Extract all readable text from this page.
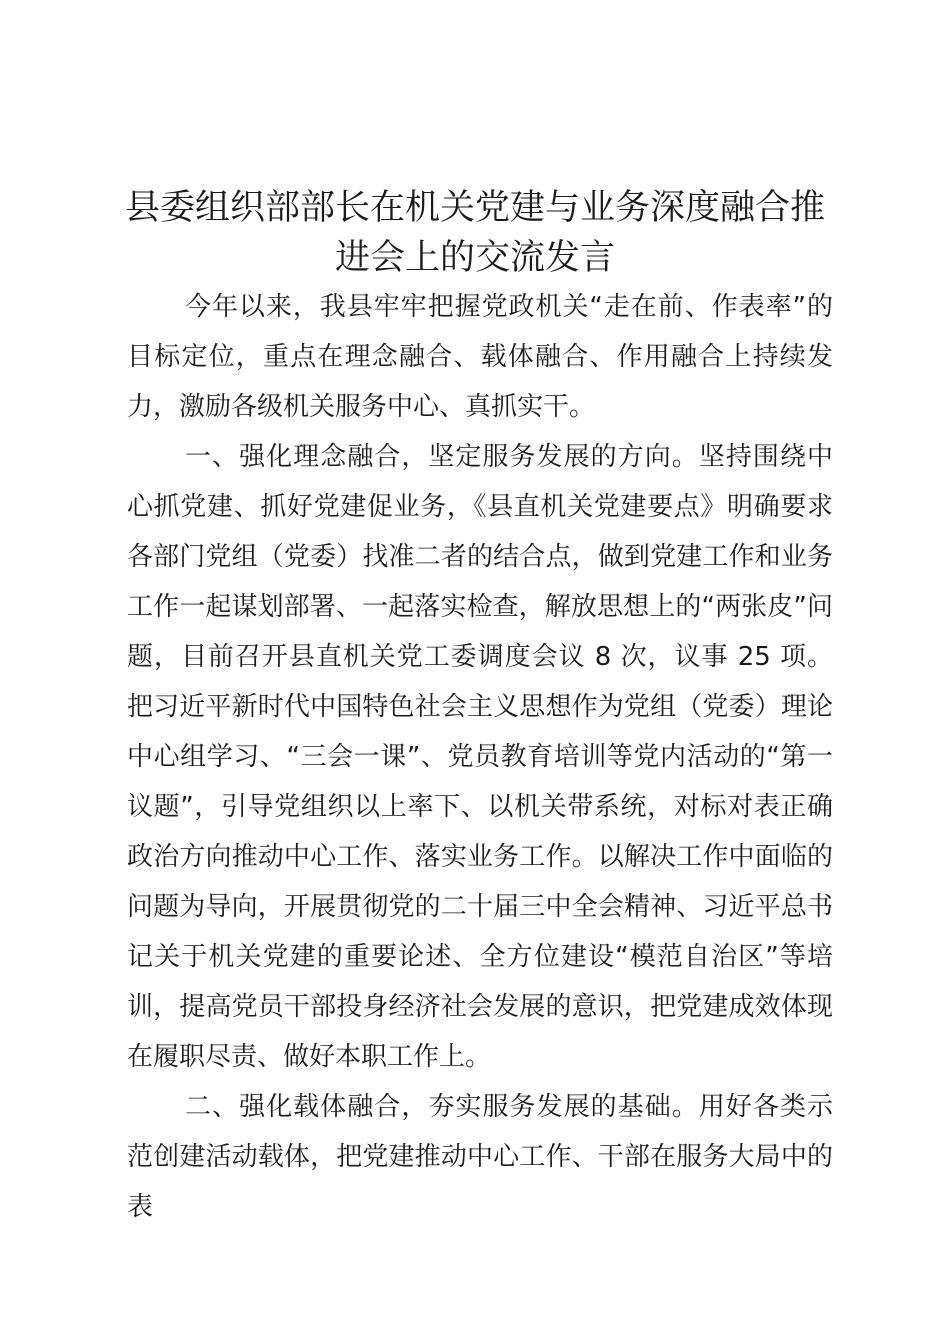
县委组织部部长在机关党建与业务深度融合推进会上的交流发言

今年以来，我县牢牢把握党政机关“走在前、作表率”的目标定位，重点在理念融合、载体融合、作用融合上持续发力，激励各级机关服务中心、真抓实干。

一、强化理念融合，坚定服务发展的方向。坚持围绕中心抓党建、抓好党建促业务，《县直机关党建要点》明确要求各部门党组（党委）找准二者的结合点，做到党建工作和业务工作一起谋划部署、一起落实检查，解放思想上的“两张皮”问题，目前召开县直机关党工委调度会议 8 次，议事 25 项。把习近平新时代中国特色社会主义思想作为党组（党委）理论中心组学习、“三会一课”、党员教育培训等党内活动的“第一议题”，引导党组织以上率下、以机关带系统，对标对表正确政治方向推动中心工作、落实业务工作。以解决工作中面临的问题为导向，开展贯彻党的二十届三中全会精神、习近平总书记关于机关党建的重要论述、全方位建设“模范自治区”等培训，提高党员干部投身经济社会发展的意识，把党建成效体现在履职尽责、做好本职工作上。

二、强化载体融合，夯实服务发展的基础。用好各类示范创建活动载体，把党建推动中心工作、干部在服务大局中的表
